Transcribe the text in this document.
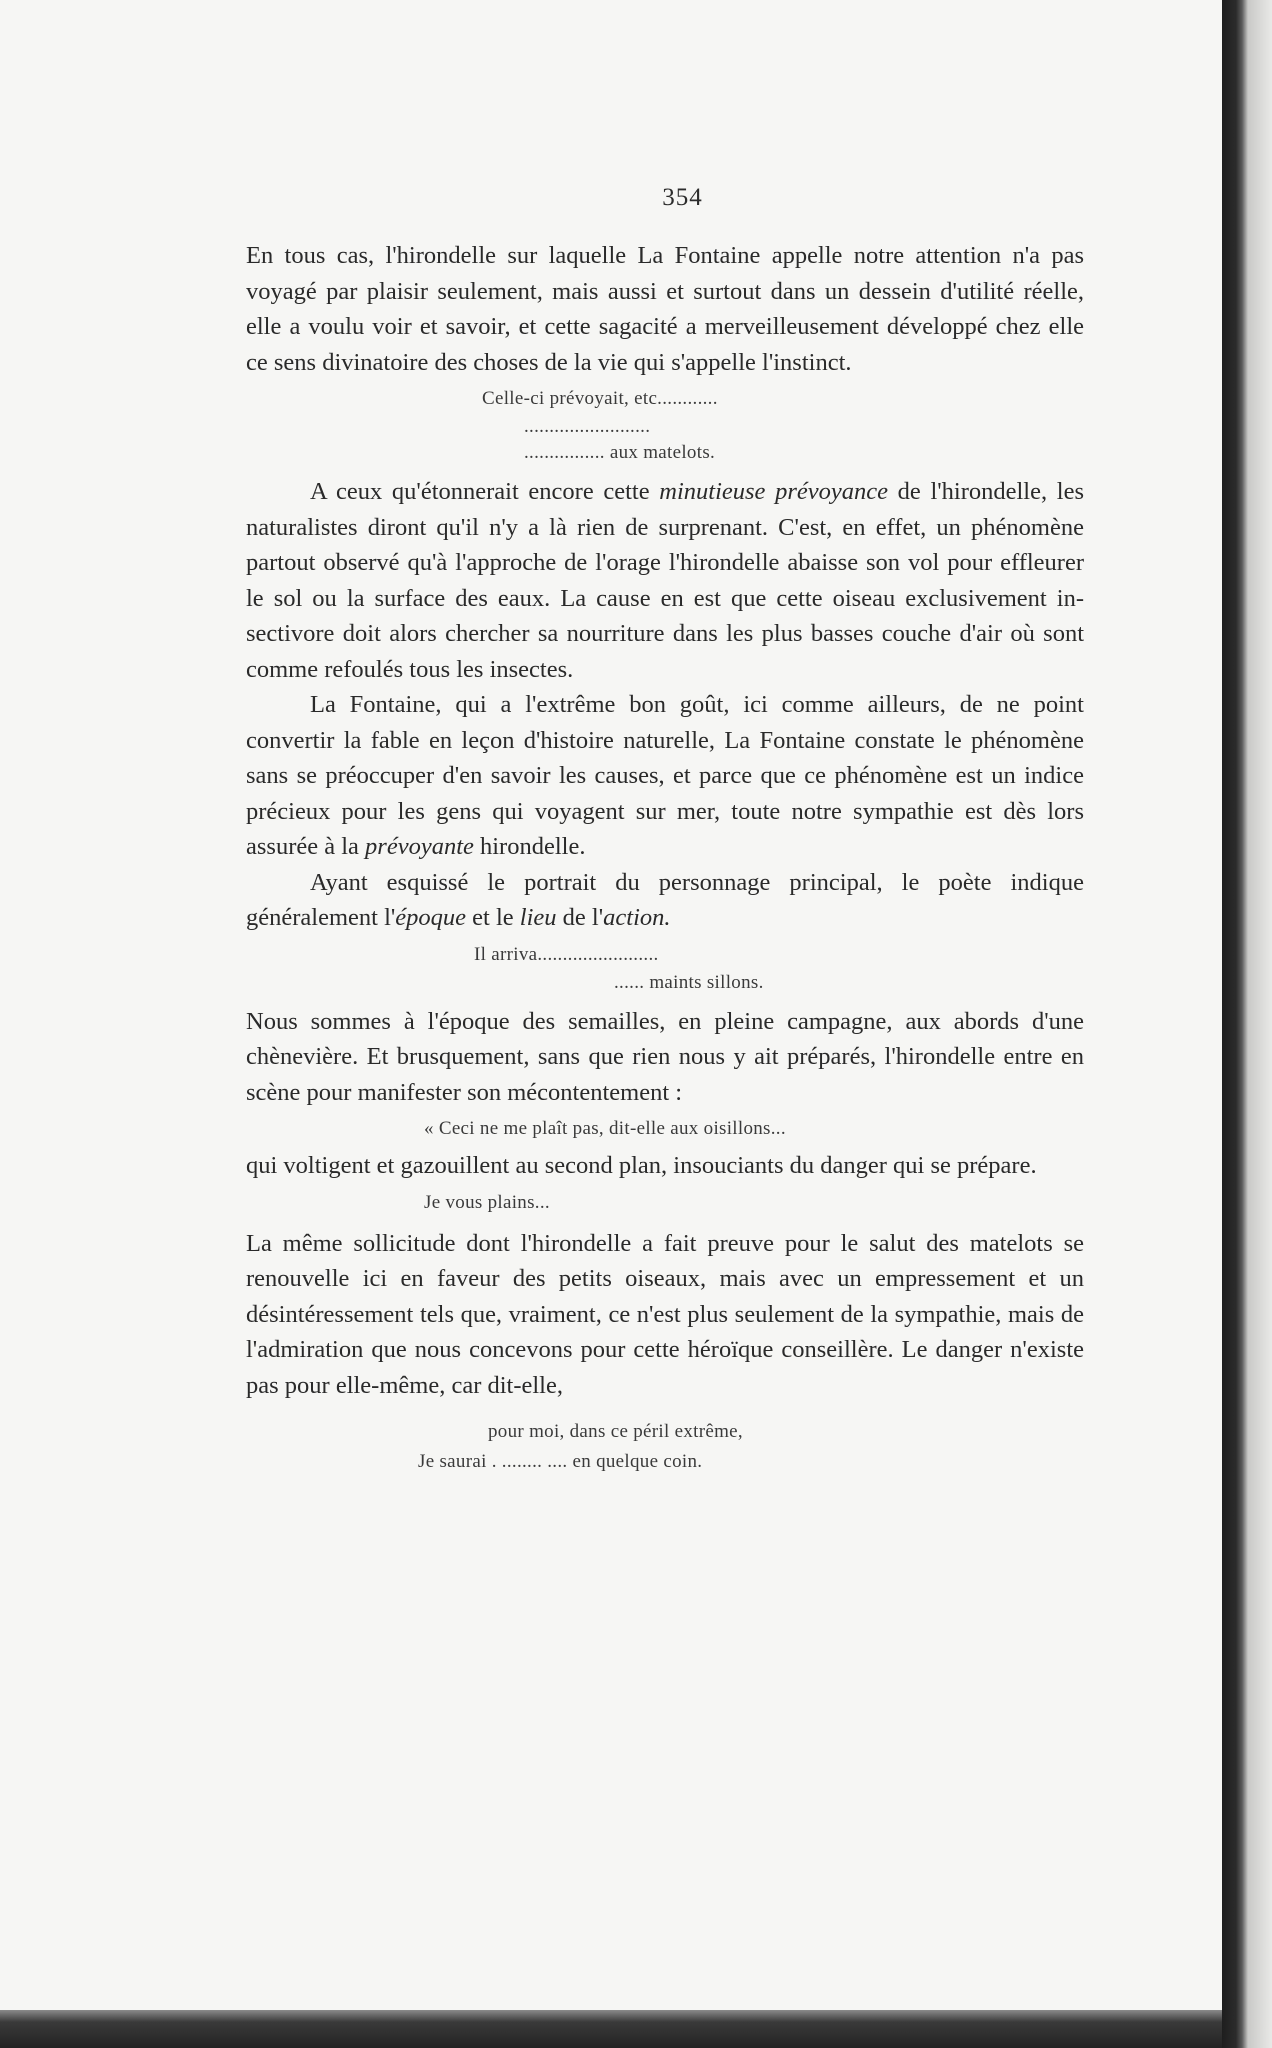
354

En tous cas, l'hirondelle sur laquelle La Fontaine appelle notre attention n'a pas voyagé par plaisir seulement, mais aussi et surtout dans un dessein d'utilité réelle, elle a voulu voir et savoir, et cette sagacité a merveilleusement développé chez elle ce sens divinatoire des choses de la vie qui s'appelle l'instinct.

Celle-ci prévoyait, etc............
.........................
................ aux matelots.

A ceux qu'étonnerait encore cette minutieuse prévoyance de l'hirondelle, les naturalistes diront qu'il n'y a là rien de surprenant. C'est, en effet, un phénomène partout observé qu'à l'approche de l'orage l'hirondelle abaisse son vol pour effleurer le sol ou la surface des eaux. La cause en est que cette oiseau exclusivement insectivore doit alors chercher sa nourriture dans les plus basses couche d'air où sont comme refoulés tous les insectes.

La Fontaine, qui a l'extrême bon goût, ici comme ailleurs, de ne point convertir la fable en leçon d'histoire naturelle, La Fontaine constate le phénomène sans se préoccuper d'en savoir les causes, et parce que ce phénomène est un indice précieux pour les gens qui voyagent sur mer, toute notre sympathie est dès lors assurée à la prévoyante hirondelle.

Ayant esquissé le portrait du personnage principal, le poète indique généralement l'époque et le lieu de l'action.

Il arriva........................
...... maints sillons.

Nous sommes à l'époque des semailles, en pleine campagne, aux abords d'une chènevière. Et brusquement, sans que rien nous y ait préparés, l'hirondelle entre en scène pour manifester son mécontentement :

« Ceci ne me plaît pas, dit-elle aux oisillons...

qui voltigent et gazouillent au second plan, insouciants du danger qui se prépare.

Je vous plains...

La même sollicitude dont l'hirondelle a fait preuve pour le salut des matelots se renouvelle ici en faveur des petits oiseaux, mais avec un empressement et un désintéressement tels que, vraiment, ce n'est plus seulement de la sympathie, mais de l'admiration que nous concevons pour cette héroïque conseillère. Le danger n'existe pas pour elle-même, car dit-elle,

pour moi, dans ce péril extrême,
Je saurai . ........ .... en quelque coin.
